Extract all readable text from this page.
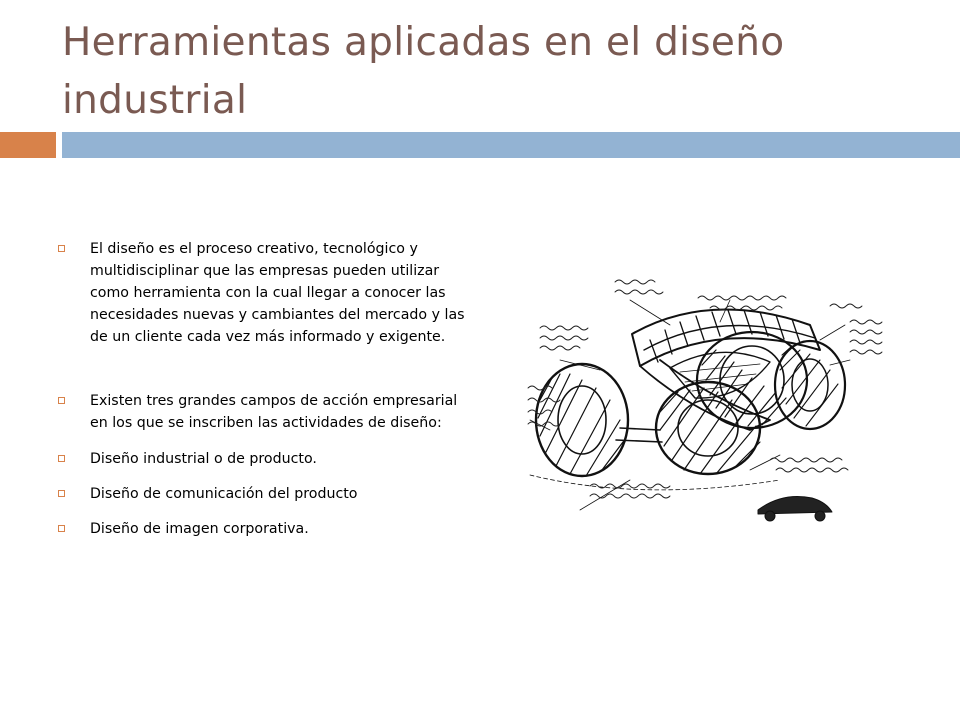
Herramientas aplicadas en el diseño industrial
El diseño es el proceso creativo, tecnológico y multidisciplinar que las empresas pueden utilizar como herramienta con la cual llegar a conocer las necesidades nuevas y cambiantes del mercado y las de un cliente cada vez más informado y exigente.
Existen tres grandes campos de acción empresarial en los que se inscriben las actividades de diseño:
Diseño industrial o de producto.
Diseño de comunicación del producto
Diseño de imagen corporativa.
